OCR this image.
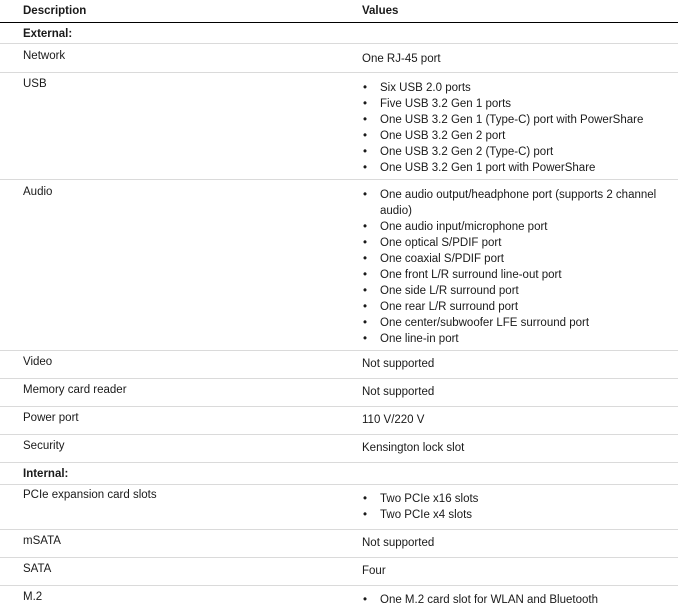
Description	Values
External:
Network	One RJ-45 port
USB	• Six USB 2.0 ports
• Five USB 3.2 Gen 1 ports
• One USB 3.2 Gen 1 (Type-C) port with PowerShare
• One USB 3.2 Gen 2 port
• One USB 3.2 Gen 2 (Type-C) port
• One USB 3.2 Gen 1 port with PowerShare
Audio	• One audio output/headphone port (supports 2 channel audio)
• One audio input/microphone port
• One optical S/PDIF port
• One coaxial S/PDIF port
• One front L/R surround line-out port
• One side L/R surround port
• One rear L/R surround port
• One center/subwoofer LFE surround port
• One line-in port
Video	Not supported
Memory card reader	Not supported
Power port	110 V/220 V
Security	Kensington lock slot
Internal:
PCIe expansion card slots	• Two PCIe x16 slots
• Two PCIe x4 slots
mSATA	Not supported
SATA	Four
M.2	• One M.2 card slot for WLAN and Bluetooth
